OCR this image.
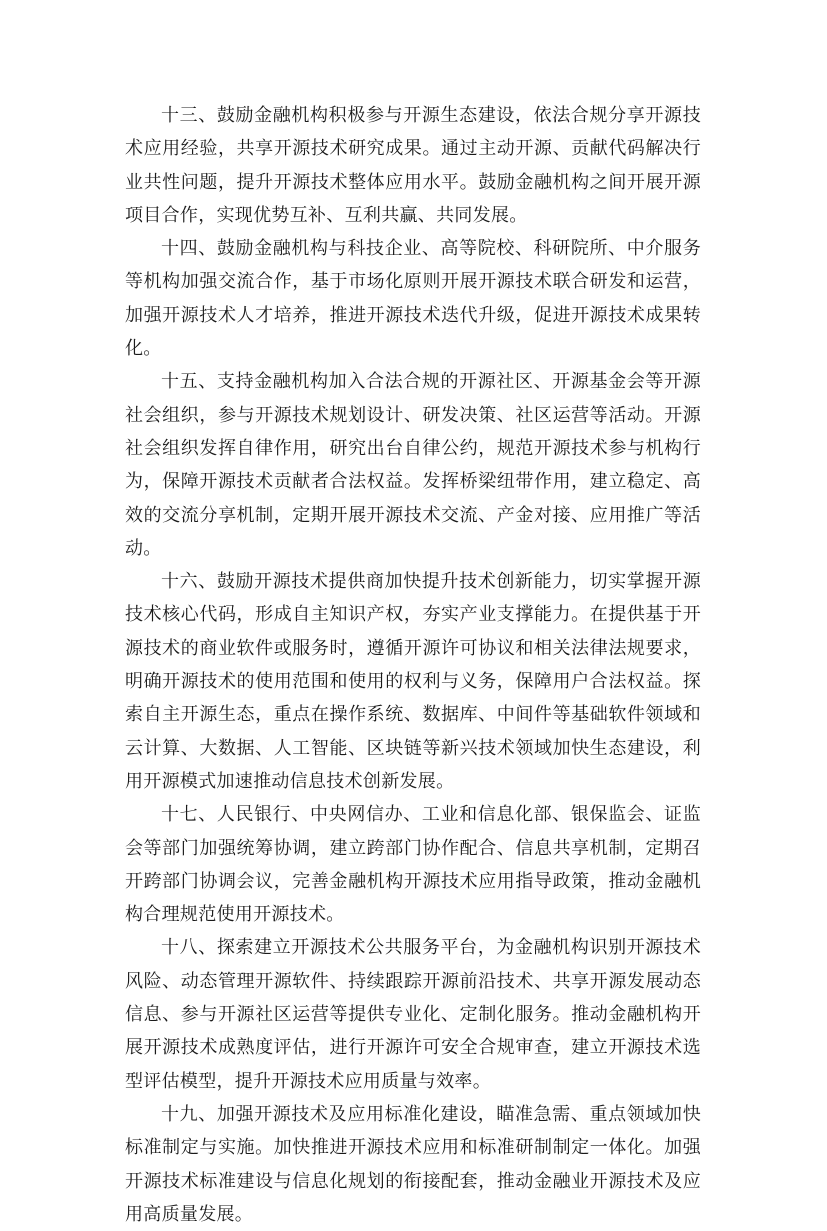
十三、鼓励金融机构积极参与开源生态建设，依法合规分享开源技术应用经验，共享开源技术研究成果。通过主动开源、贡献代码解决行业共性问题，提升开源技术整体应用水平。鼓励金融机构之间开展开源项目合作，实现优势互补、互利共赢、共同发展。

十四、鼓励金融机构与科技企业、高等院校、科研院所、中介服务等机构加强交流合作，基于市场化原则开展开源技术联合研发和运营，加强开源技术人才培养，推进开源技术迭代升级，促进开源技术成果转化。

十五、支持金融机构加入合法合规的开源社区、开源基金会等开源社会组织，参与开源技术规划设计、研发决策、社区运营等活动。开源社会组织发挥自律作用，研究出台自律公约，规范开源技术参与机构行为，保障开源技术贡献者合法权益。发挥桥梁纽带作用，建立稳定、高效的交流分享机制，定期开展开源技术交流、产金对接、应用推广等活动。

十六、鼓励开源技术提供商加快提升技术创新能力，切实掌握开源技术核心代码，形成自主知识产权，夯实产业支撑能力。在提供基于开源技术的商业软件或服务时，遵循开源许可协议和相关法律法规要求，明确开源技术的使用范围和使用的权利与义务，保障用户合法权益。探索自主开源生态，重点在操作系统、数据库、中间件等基础软件领域和云计算、大数据、人工智能、区块链等新兴技术领域加快生态建设，利用开源模式加速推动信息技术创新发展。

十七、人民银行、中央网信办、工业和信息化部、银保监会、证监会等部门加强统筹协调，建立跨部门协作配合、信息共享机制，定期召开跨部门协调会议，完善金融机构开源技术应用指导政策，推动金融机构合理规范使用开源技术。

十八、探索建立开源技术公共服务平台，为金融机构识别开源技术风险、动态管理开源软件、持续跟踪开源前沿技术、共享开源发展动态信息、参与开源社区运营等提供专业化、定制化服务。推动金融机构开展开源技术成熟度评估，进行开源许可安全合规审查，建立开源技术选型评估模型，提升开源技术应用质量与效率。

十九、加强开源技术及应用标准化建设，瞄准急需、重点领域加快标准制定与实施。加快推进开源技术应用和标准研制制定一体化。加强开源技术标准建设与信息化规划的衔接配套，推动金融业开源技术及应用高质量发展。
